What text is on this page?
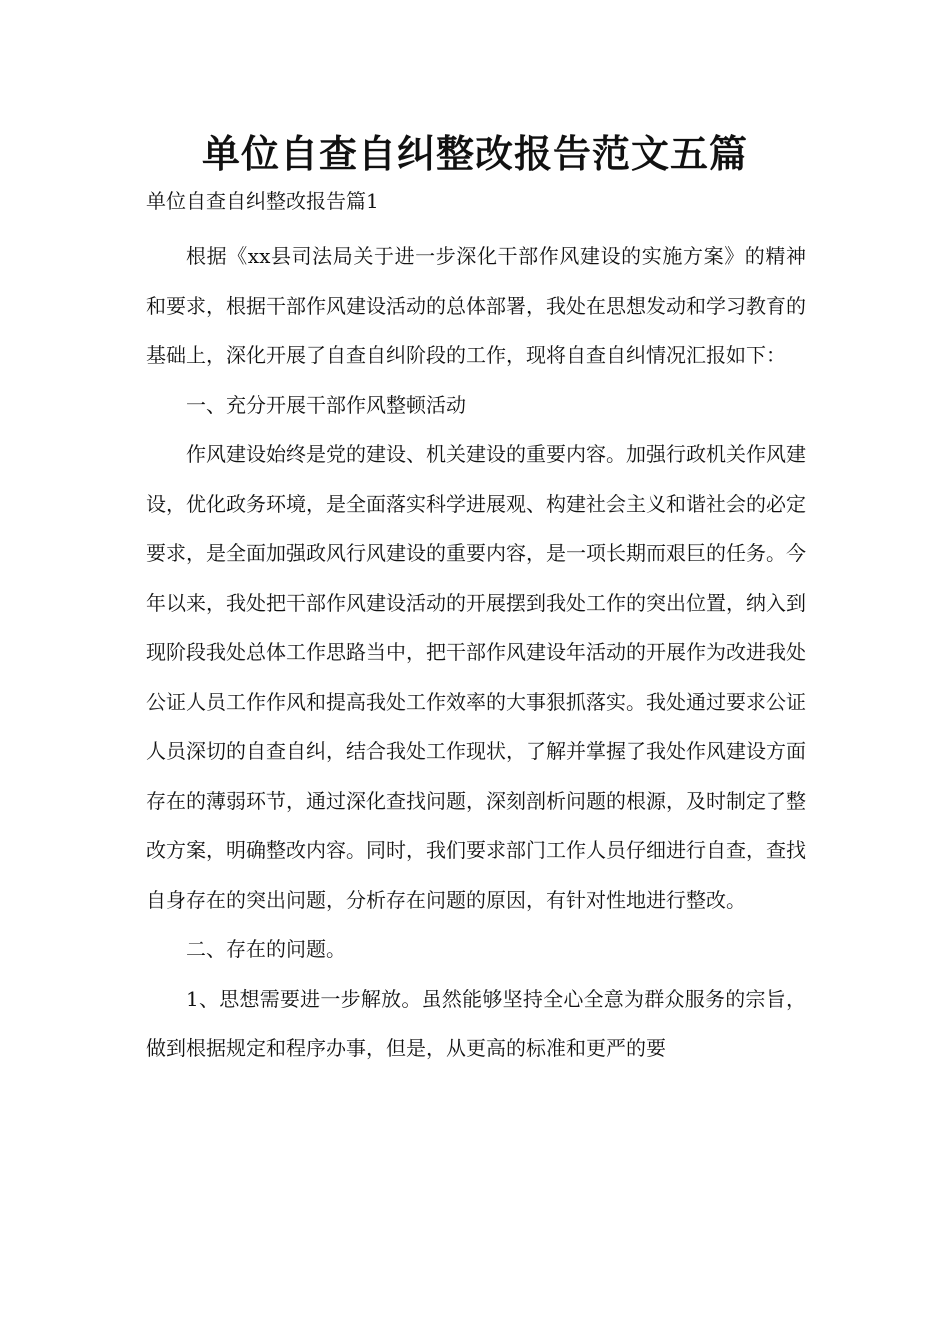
单位自查自纠整改报告范文五篇
单位自查自纠整改报告篇1

根据《xx县司法局关于进一步深化干部作风建设的实施方案》的精神和要求，根据干部作风建设活动的总体部署，我处在思想发动和学习教育的基础上，深化开展了自查自纠阶段的工作，现将自查自纠情况汇报如下：

一、充分开展干部作风整顿活动

作风建设始终是党的建设、机关建设的重要内容。加强行政机关作风建设，优化政务环境，是全面落实科学进展观、构建社会主义和谐社会的必定要求，是全面加强政风行风建设的重要内容，是一项长期而艰巨的任务。今年以来，我处把干部作风建设活动的开展摆到我处工作的突出位置，纳入到现阶段我处总体工作思路当中，把干部作风建设年活动的开展作为改进我处公证人员工作作风和提高我处工作效率的大事狠抓落实。我处通过要求公证人员深切的自查自纠，结合我处工作现状，了解并掌握了我处作风建设方面存在的薄弱环节，通过深化查找问题，深刻剖析问题的根源，及时制定了整改方案，明确整改内容。同时，我们要求部门工作人员仔细进行自查，查找自身存在的突出问题，分析存在问题的原因，有针对性地进行整改。

二、存在的问题。

1、思想需要进一步解放。虽然能够坚持全心全意为群众服务的宗旨，做到根据规定和程序办事，但是，从更高的标准和更严的要
